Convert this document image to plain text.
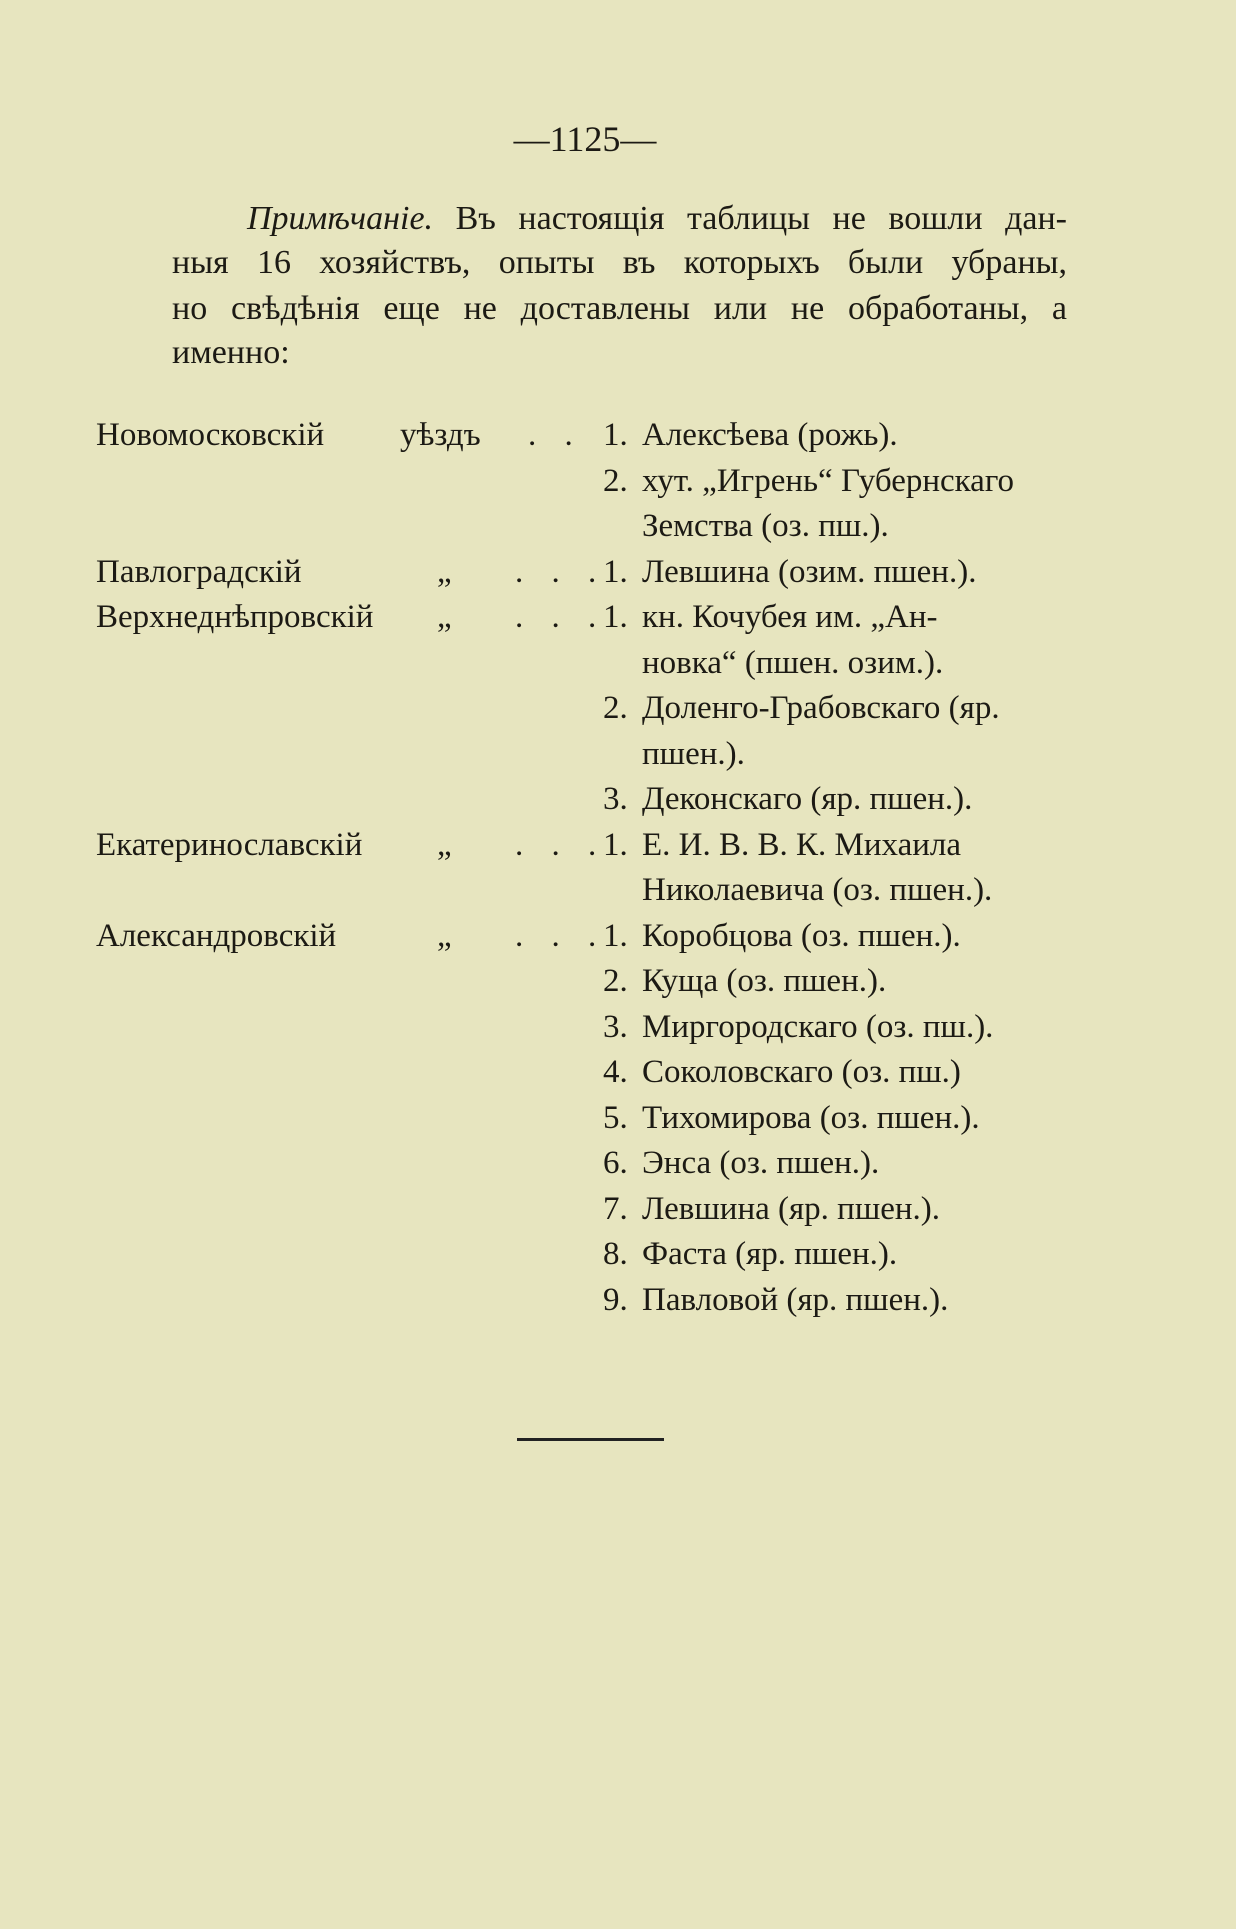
—1125—
Примѣчаніе. Въ настоящія таблицы не вошли дан-
ныя 16 хозяйствъ, опыты въ которыхъ были убраны,
но свѣдѣнія еще не доставлены или не обработаны, а
именно:
Новомосковскій уѣздъ . . 1. Алексѣева (рожь).
2. хут. „Игрень“ Губернскаго
Земства (оз. пш.).
Павлоградскій	„ . . .
1. Левшина (озим. пшен.).
Верхнеднѣпровскій „ . . .
1. кн. Кочубея им. „Ан-
новка“ (пшен. озим.).
2. Доленго-Грабовскаго (яр.
пшен.).
3. Деконскаго (яр. пшен.).
Екатеринославскій „ . . .
1. Е. И. В. В. К. Михаила
Николаевича (оз. пшен.).
Александровскій	„ . . .
1. Коробцова (оз. пшен.).
2. Куща (оз. пшен.).
3. Миргородскаго (оз. пш.).
4. Соколовскаго (оз. пш.)
5. Тихомирова (оз. пшен.).
6. Энса (оз. пшен.).
7. Левшина (яр. пшен.).
8. Фаста (яр. пшен.).
9. Павловой (яр. пшен.).
